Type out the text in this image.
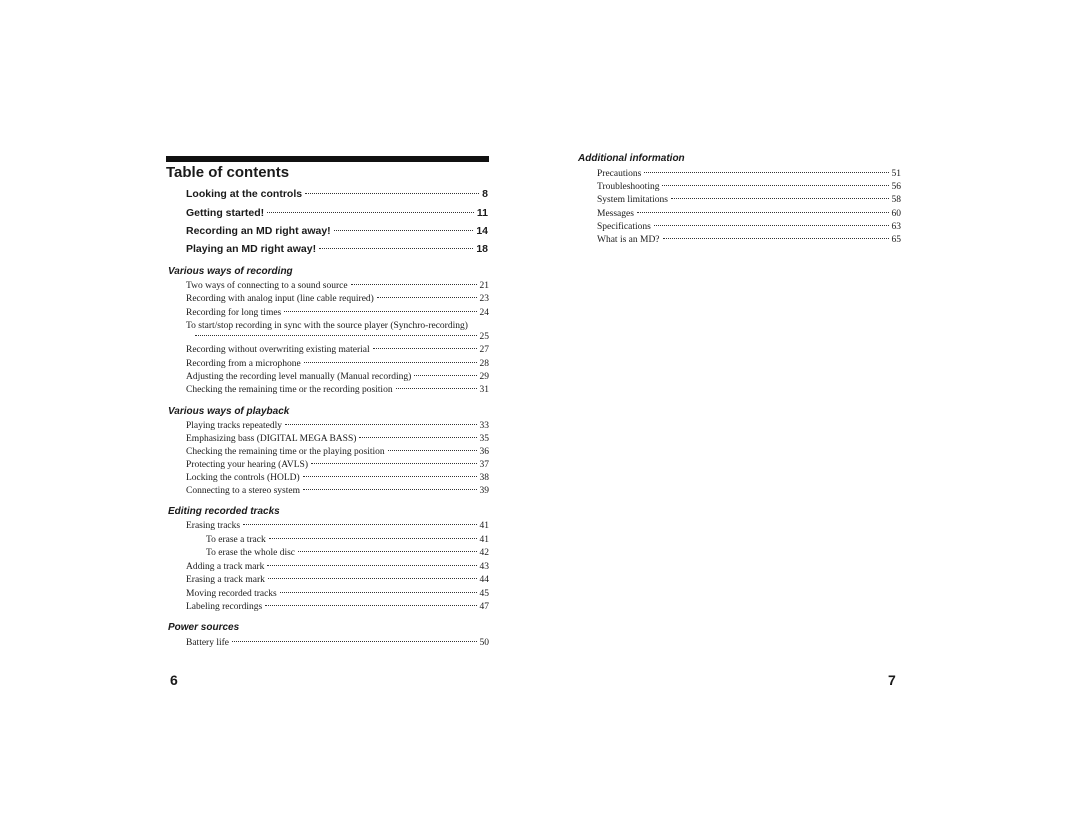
Table of contents
Looking at the controls	8
Getting started!	11
Recording an MD right away!	14
Playing an MD right away!	18
Various ways of recording
Two ways of connecting to a sound source	21
Recording with analog input (line cable required)	23
Recording for long times	24
To start/stop recording in sync with the source player (Synchro-recording)
25
Recording without overwriting existing material	27
Recording from a microphone	28
Adjusting the recording level manually (Manual recording)	29
Checking the remaining time or the recording position	31
Various ways of playback
Playing tracks repeatedly	33
Emphasizing bass (DIGITAL MEGA BASS)	35
Checking the remaining time or the playing position	36
Protecting your hearing (AVLS)	37
Locking the controls (HOLD)	38
Connecting to a stereo system	39
Editing recorded tracks
Erasing tracks	41
To erase a track	41
To erase the whole disc	42
Adding a track mark	43
Erasing a track mark	44
Moving recorded tracks	45
Labeling recordings	47
Power sources
Battery life	50
6
Additional information
Precautions	51
Troubleshooting	56
System limitations	58
Messages	60
Specifications	63
What is an MD?	65
7
